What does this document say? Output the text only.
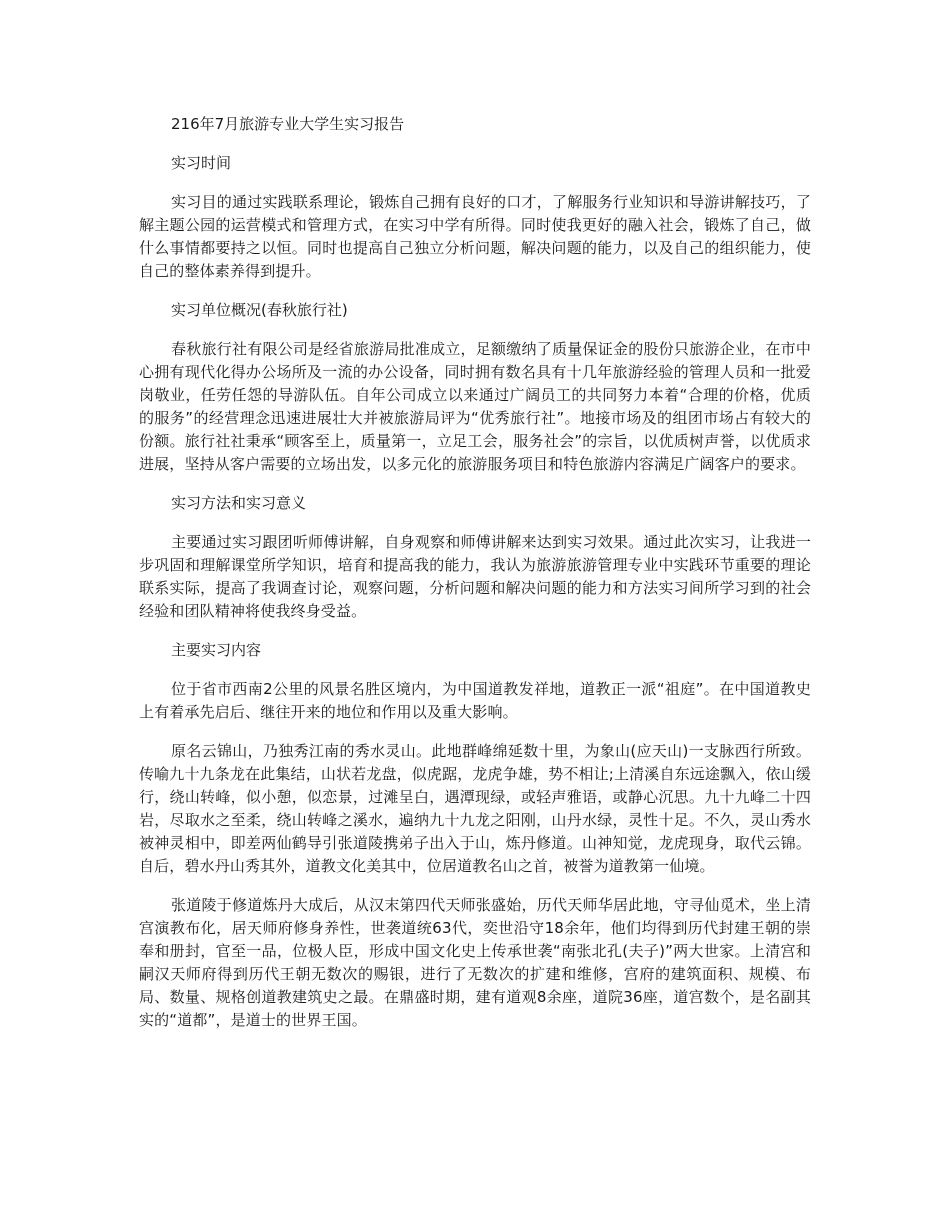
216年7月旅游专业大学生实习报告

实习时间

实习目的通过实践联系理论，锻炼自己拥有良好的口才，了解服务行业知识和导游讲解技巧，了解主题公园的运营模式和管理方式，在实习中学有所得。同时使我更好的融入社会，锻炼了自己，做什么事情都要持之以恒。同时也提高自己独立分析问题，解决问题的能力，以及自己的组织能力，使自己的整体素养得到提升。

实习单位概况(春秋旅行社)

春秋旅行社有限公司是经省旅游局批准成立，足额缴纳了质量保证金的股份只旅游企业，在市中心拥有现代化得办公场所及一流的办公设备，同时拥有数名具有十几年旅游经验的管理人员和一批爱岗敬业，任劳任怨的导游队伍。自年公司成立以来通过广阔员工的共同努力本着“合理的价格，优质的服务”的经营理念迅速进展壮大并被旅游局评为“优秀旅行社”。地接市场及的组团市场占有较大的份额。旅行社社秉承“顾客至上，质量第一，立足工会，服务社会”的宗旨，以优质树声誉，以优质求进展，坚持从客户需要的立场出发，以多元化的旅游服务项目和特色旅游内容满足广阔客户的要求。

实习方法和实习意义

主要通过实习跟团听师傅讲解，自身观察和师傅讲解来达到实习效果。通过此次实习，让我进一步巩固和理解课堂所学知识，培育和提高我的能力，我认为旅游旅游管理专业中实践环节重要的理论联系实际，提高了我调查讨论，观察问题，分析问题和解决问题的能力和方法实习间所学习到的社会经验和团队精神将使我终身受益。

主要实习内容

位于省市西南2公里的风景名胜区境内，为中国道教发祥地，道教正一派“祖庭”。在中国道教史上有着承先启后、继往开来的地位和作用以及重大影响。

原名云锦山，乃独秀江南的秀水灵山。此地群峰绵延数十里，为象山(应天山)一支脉西行所致。传喻九十九条龙在此集结，山状若龙盘，似虎踞，龙虎争雄，势不相让;上清溪自东远途飘入，依山缓行，绕山转峰，似小憩，似恋景，过滩呈白，遇潭现绿，或轻声雅语，或静心沉思。九十九峰二十四岩，尽取水之至柔，绕山转峰之溪水，遍纳九十九龙之阳刚，山丹水绿，灵性十足。不久，灵山秀水被神灵相中，即差两仙鹤导引张道陵携弟子出入于山，炼丹修道。山神知觉，龙虎现身，取代云锦。自后，碧水丹山秀其外，道教文化美其中，位居道教名山之首，被誉为道教第一仙境。

张道陵于修道炼丹大成后，从汉末第四代天师张盛始，历代天师华居此地，守寻仙觅术，坐上清宫演教布化，居天师府修身养性，世袭道统63代，奕世沿守18余年，他们均得到历代封建王朝的崇奉和册封，官至一品，位极人臣，形成中国文化史上传承世袭“南张北孔(夫子)”两大世家。上清宫和嗣汉天师府得到历代王朝无数次的赐银，进行了无数次的扩建和维修，宫府的建筑面积、规模、布局、数量、规格创道教建筑史之最。在鼎盛时期，建有道观8余座，道院36座，道宫数个，是名副其实的“道都”，是道士的世界王国。
